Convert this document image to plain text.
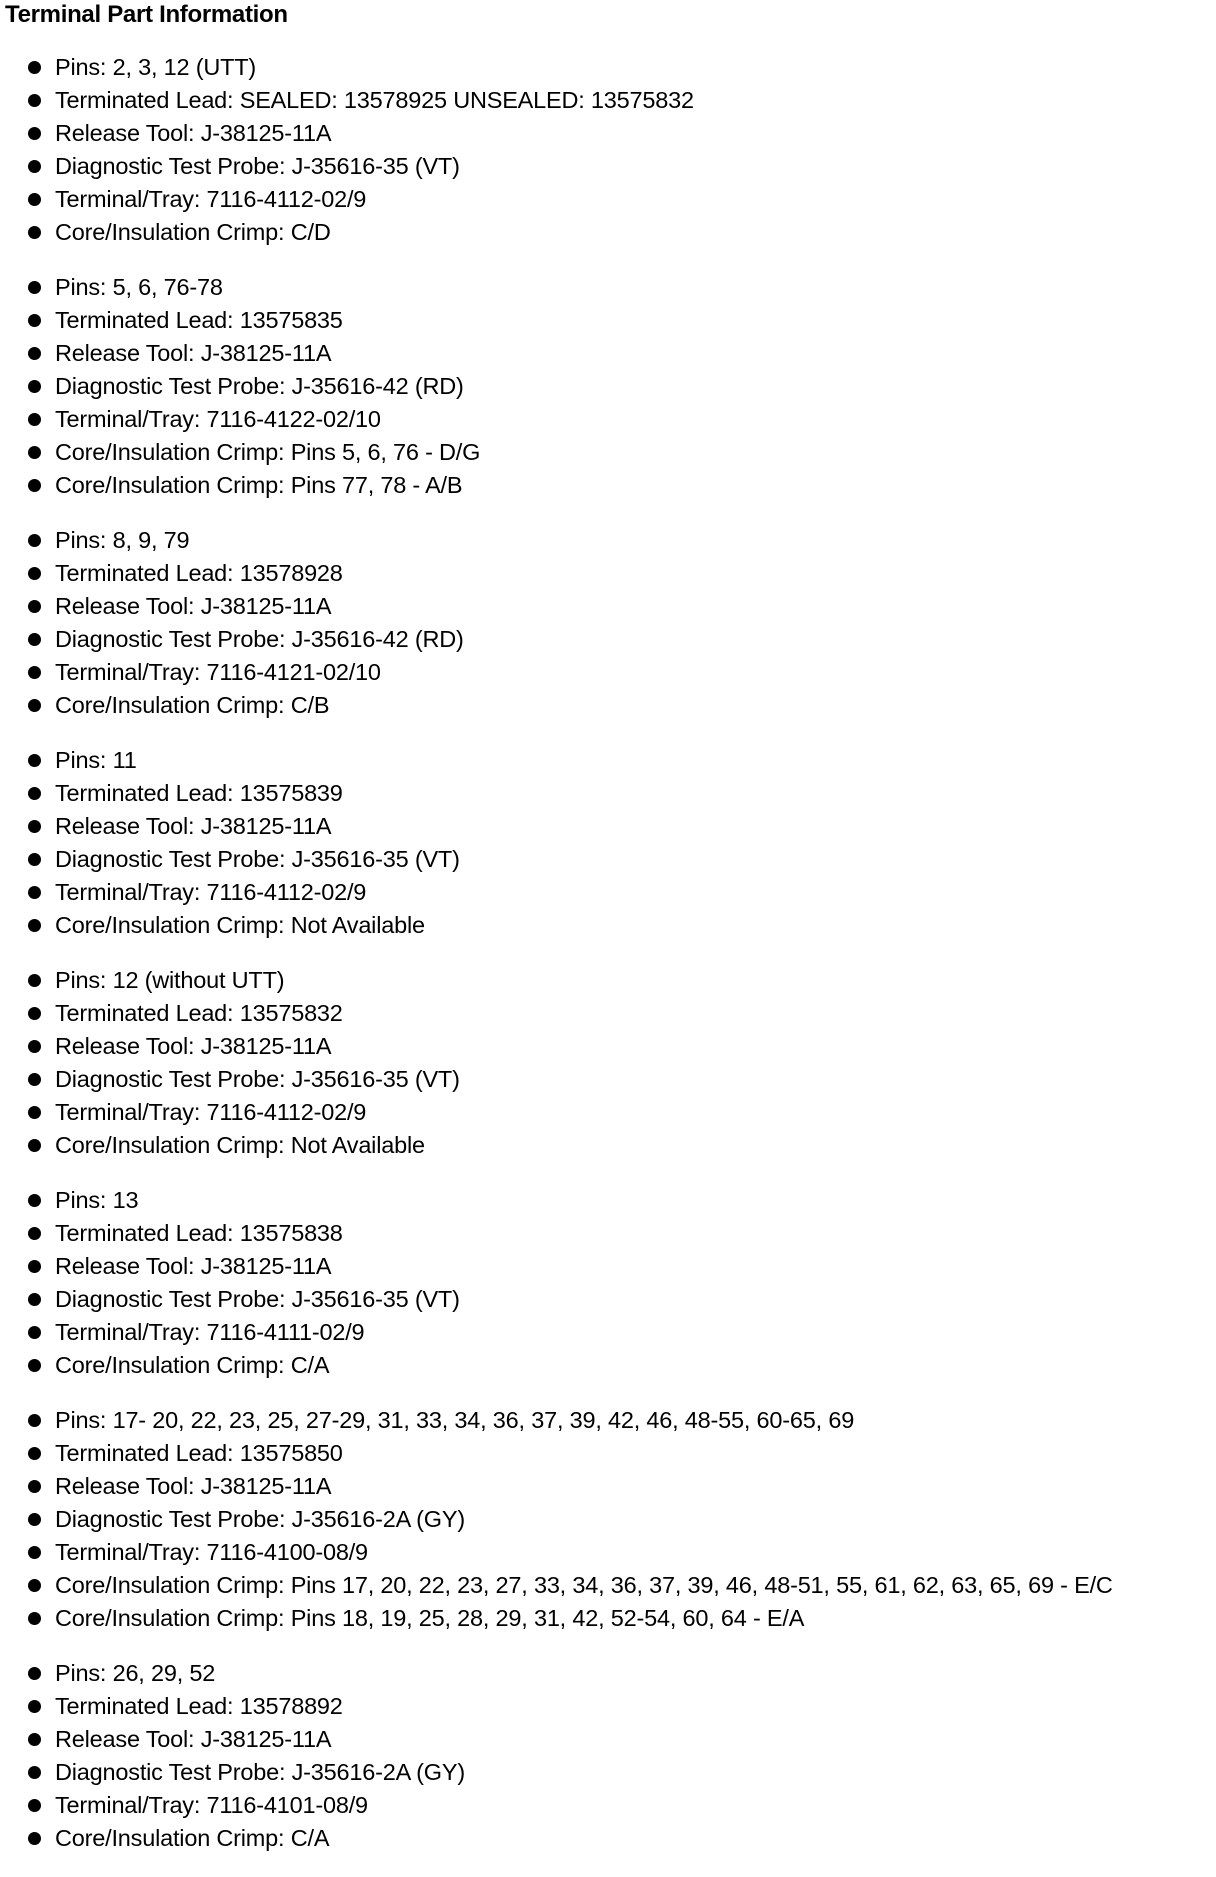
Terminal Part Information
Pins: 2, 3, 12 (UTT)
Terminated Lead: SEALED: 13578925 UNSEALED: 13575832
Release Tool: J-38125-11A
Diagnostic Test Probe: J-35616-35 (VT)
Terminal/Tray: 7116-4112-02/9
Core/Insulation Crimp: C/D
Pins: 5, 6, 76-78
Terminated Lead: 13575835
Release Tool: J-38125-11A
Diagnostic Test Probe: J-35616-42 (RD)
Terminal/Tray: 7116-4122-02/10
Core/Insulation Crimp: Pins 5, 6, 76 - D/G
Core/Insulation Crimp: Pins 77, 78 - A/B
Pins: 8, 9, 79
Terminated Lead: 13578928
Release Tool: J-38125-11A
Diagnostic Test Probe: J-35616-42 (RD)
Terminal/Tray: 7116-4121-02/10
Core/Insulation Crimp: C/B
Pins: 11
Terminated Lead: 13575839
Release Tool: J-38125-11A
Diagnostic Test Probe: J-35616-35 (VT)
Terminal/Tray: 7116-4112-02/9
Core/Insulation Crimp: Not Available
Pins: 12 (without UTT)
Terminated Lead: 13575832
Release Tool: J-38125-11A
Diagnostic Test Probe: J-35616-35 (VT)
Terminal/Tray: 7116-4112-02/9
Core/Insulation Crimp: Not Available
Pins: 13
Terminated Lead: 13575838
Release Tool: J-38125-11A
Diagnostic Test Probe: J-35616-35 (VT)
Terminal/Tray: 7116-4111-02/9
Core/Insulation Crimp: C/A
Pins: 17- 20, 22, 23, 25, 27-29, 31, 33, 34, 36, 37, 39, 42, 46, 48-55, 60-65, 69
Terminated Lead: 13575850
Release Tool: J-38125-11A
Diagnostic Test Probe: J-35616-2A (GY)
Terminal/Tray: 7116-4100-08/9
Core/Insulation Crimp: Pins 17, 20, 22, 23, 27, 33, 34, 36, 37, 39, 46, 48-51, 55, 61, 62, 63, 65, 69 - E/C
Core/Insulation Crimp: Pins 18, 19, 25, 28, 29, 31, 42, 52-54, 60, 64 - E/A
Pins: 26, 29, 52
Terminated Lead: 13578892
Release Tool: J-38125-11A
Diagnostic Test Probe: J-35616-2A (GY)
Terminal/Tray: 7116-4101-08/9
Core/Insulation Crimp: C/A
